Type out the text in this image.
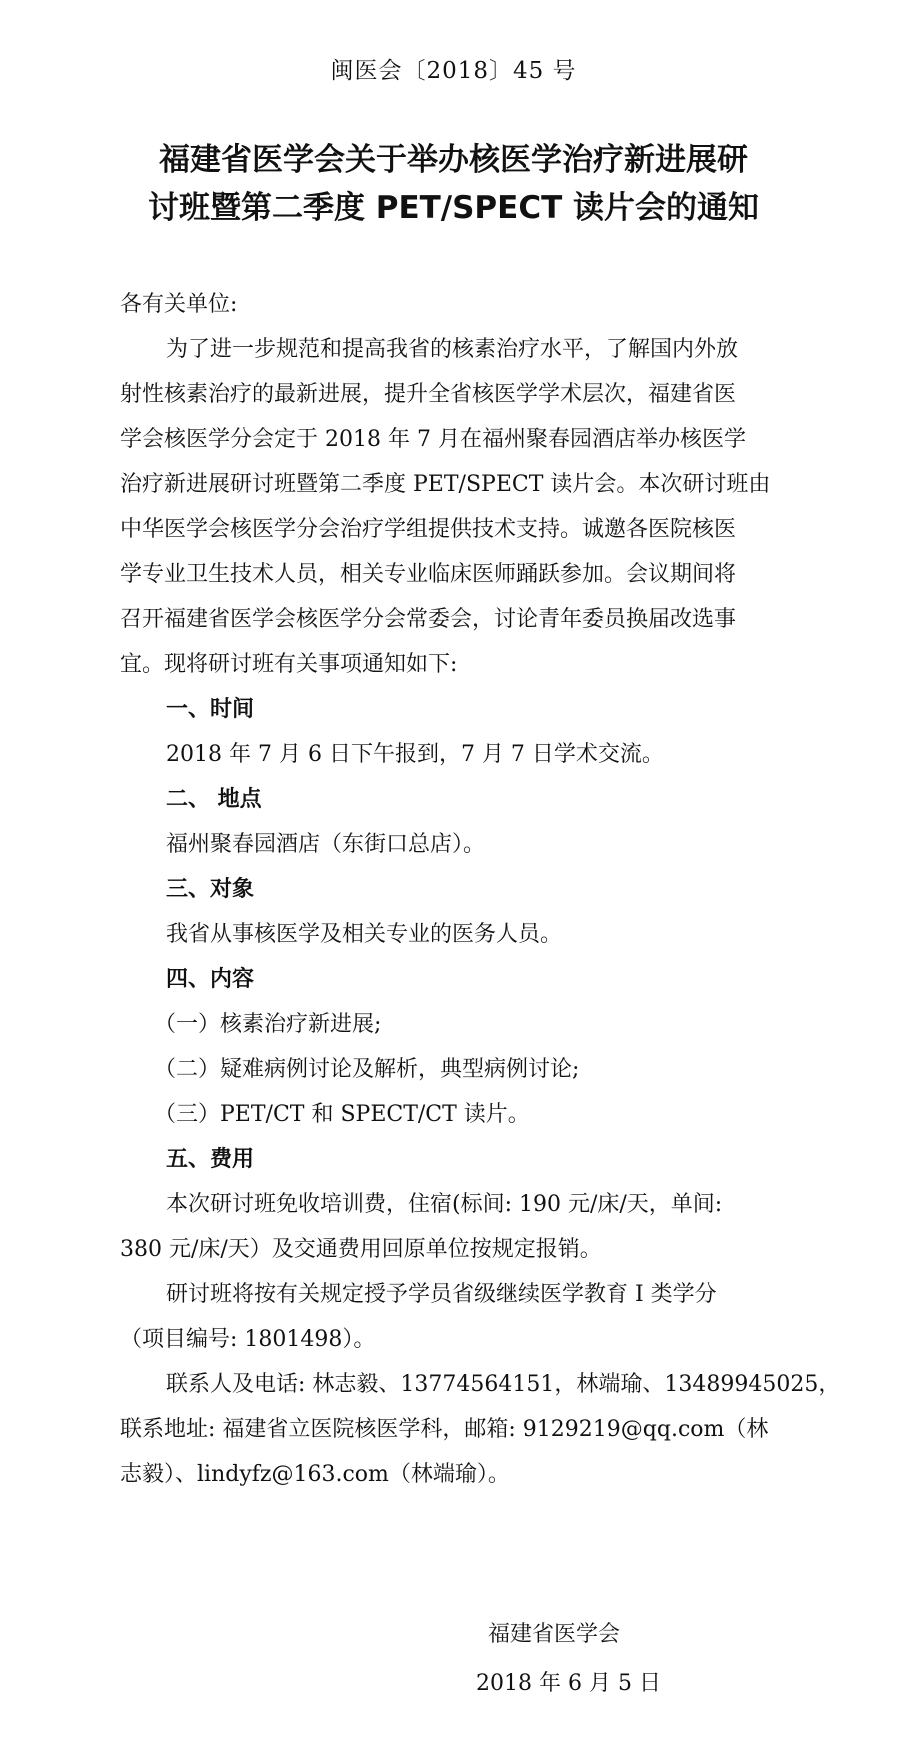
闽医会〔2018〕45 号
福建省医学会关于举办核医学治疗新进展研
讨班暨第二季度 PET/SPECT 读片会的通知
各有关单位:
为了进一步规范和提高我省的核素治疗水平，了解国内外放
射性核素治疗的最新进展，提升全省核医学学术层次，福建省医
学会核医学分会定于 2018 年 7 月在福州聚春园酒店举办核医学
治疗新进展研讨班暨第二季度 PET/SPECT 读片会。本次研讨班由
中华医学会核医学分会治疗学组提供技术支持。诚邀各医院核医
学专业卫生技术人员，相关专业临床医师踊跃参加。会议期间将
召开福建省医学会核医学分会常委会，讨论青年委员换届改选事
宜。现将研讨班有关事项通知如下:
一、时间
2018 年 7 月 6 日下午报到，7 月 7 日学术交流。
二、 地点
福州聚春园酒店（东街口总店）。
三、对象
我省从事核医学及相关专业的医务人员。
四、内容
（一）核素治疗新进展;
（二）疑难病例讨论及解析，典型病例讨论;
（三）PET/CT 和 SPECT/CT 读片。
五、费用
本次研讨班免收培训费，住宿(标间: 190 元/床/天，单间:
380 元/床/天）及交通费用回原单位按规定报销。
研讨班将按有关规定授予学员省级继续医学教育 I 类学分
（项目编号: 1801498）。
联系人及电话: 林志毅、13774564151，林端瑜、13489945025，
联系地址: 福建省立医院核医学科，邮箱: 9129219@qq.com（林
志毅）、lindyfz@163.com（林端瑜）。
福建省医学会
2018 年 6 月 5 日
